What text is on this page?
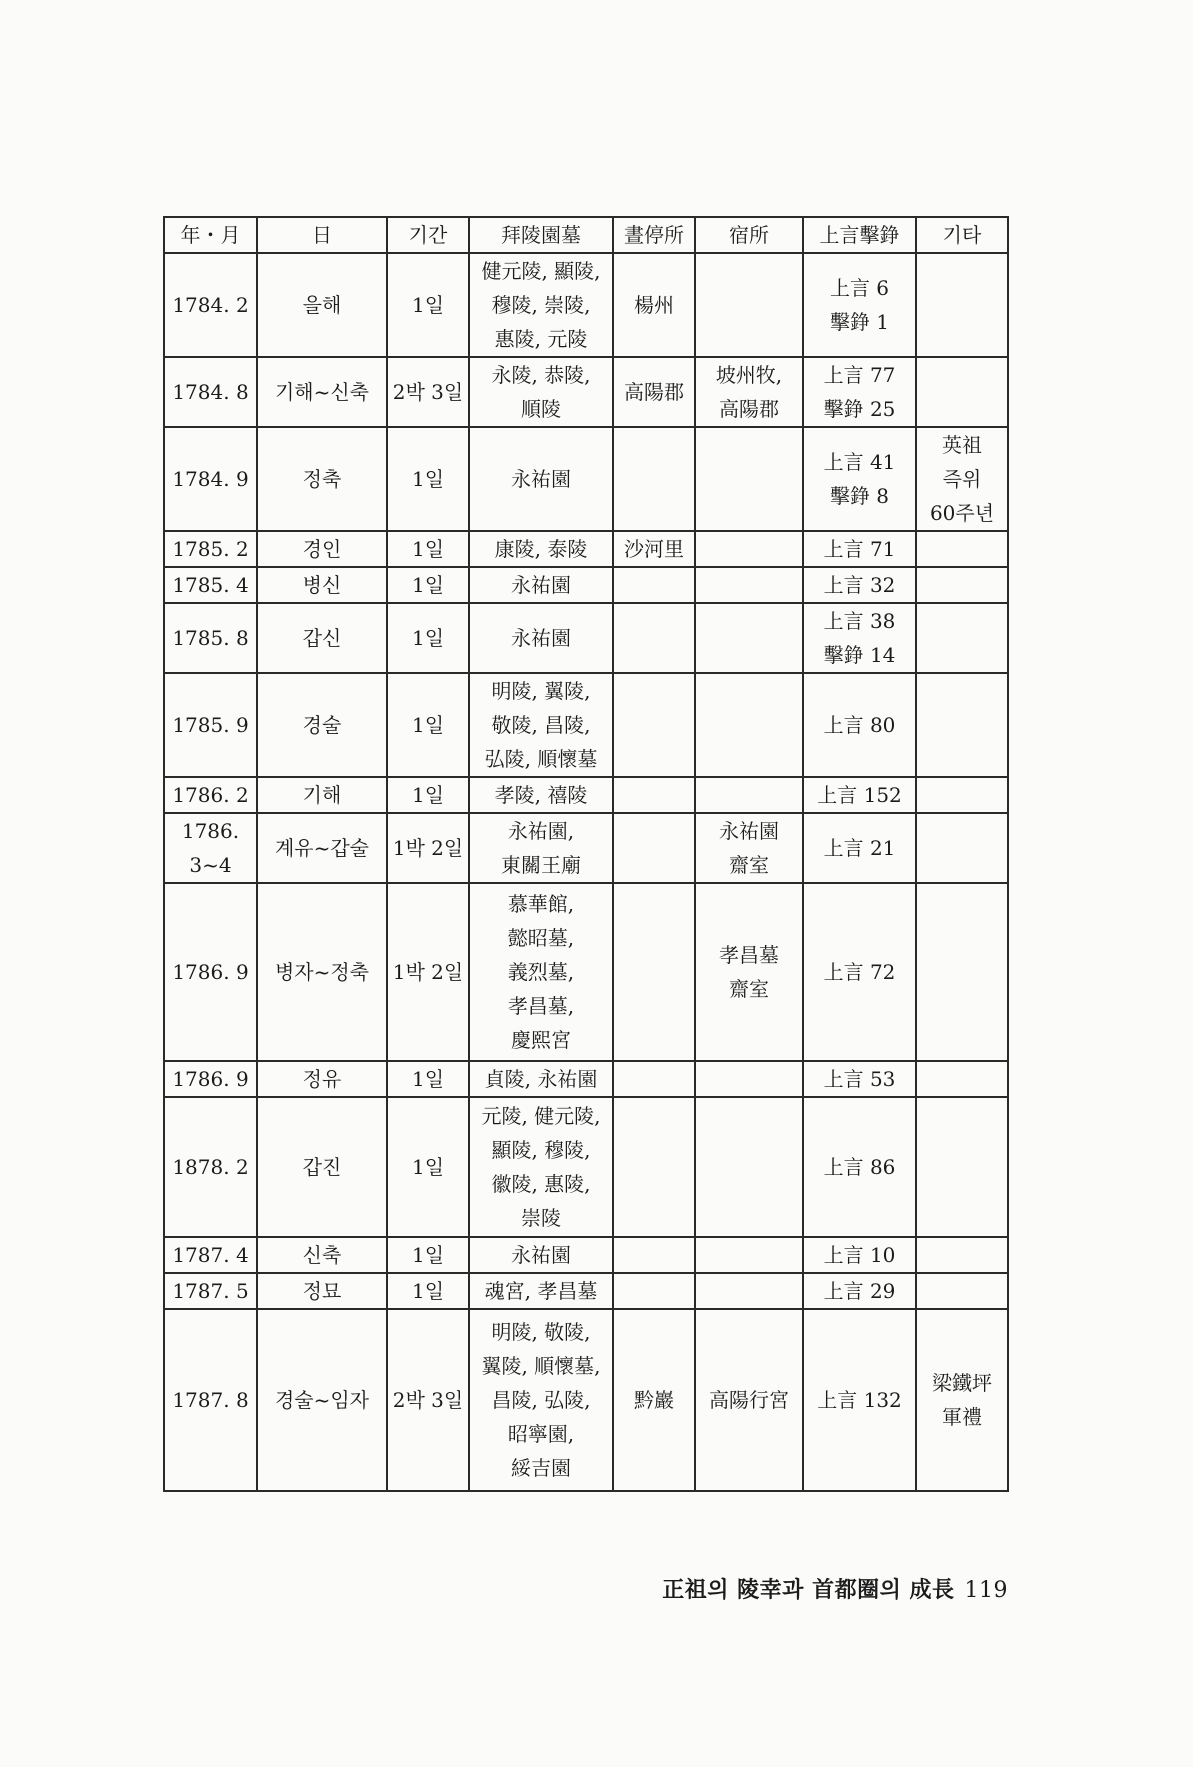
年・月	日	기간	拜陵園墓	晝停所	宿所	上言擊錚	기타
1784. 2	을해	1일	健元陵, 顯陵,
穆陵, 崇陵,
惠陵, 元陵	楊州		上言 6
擊錚 1	
1784. 8	기해~신축	2박 3일	永陵, 恭陵,
順陵	高陽郡	坡州牧,
高陽郡	上言 77
擊錚 25	
1784. 9	정축	1일	永祐園			上言 41
擊錚 8	英祖
즉위
60주년
1785. 2	경인	1일	康陵, 泰陵	沙河里		上言 71	
1785. 4	병신	1일	永祐園			上言 32	
1785. 8	갑신	1일	永祐園			上言 38
擊錚 14	
1785. 9	경술	1일	明陵, 翼陵,
敬陵, 昌陵,
弘陵, 順懷墓			上言 80	
1786. 2	기해	1일	孝陵, 禧陵			上言 152	
1786.
3~4	계유~갑술	1박 2일	永祐園,
東關王廟		永祐園
齋室	上言 21	
1786. 9	병자~정축	1박 2일	慕華館,
懿昭墓,
義烈墓,
孝昌墓,
慶熙宮		孝昌墓
齋室	上言 72	
1786. 9	정유	1일	貞陵, 永祐園			上言 53	
1878. 2	갑진	1일	元陵, 健元陵,
顯陵, 穆陵,
徽陵, 惠陵,
崇陵			上言 86	
1787. 4	신축	1일	永祐園			上言 10	
1787. 5	정묘	1일	魂宮, 孝昌墓			上言 29	
1787. 8	경술~임자	2박 3일	明陵, 敬陵,
翼陵, 順懷墓,
昌陵, 弘陵,
昭寧園,
綏吉園	黔巖	高陽行宮	上言 132	梁鐵坪
軍禮
正祖의 陵幸과 首都圈의 成長 119
